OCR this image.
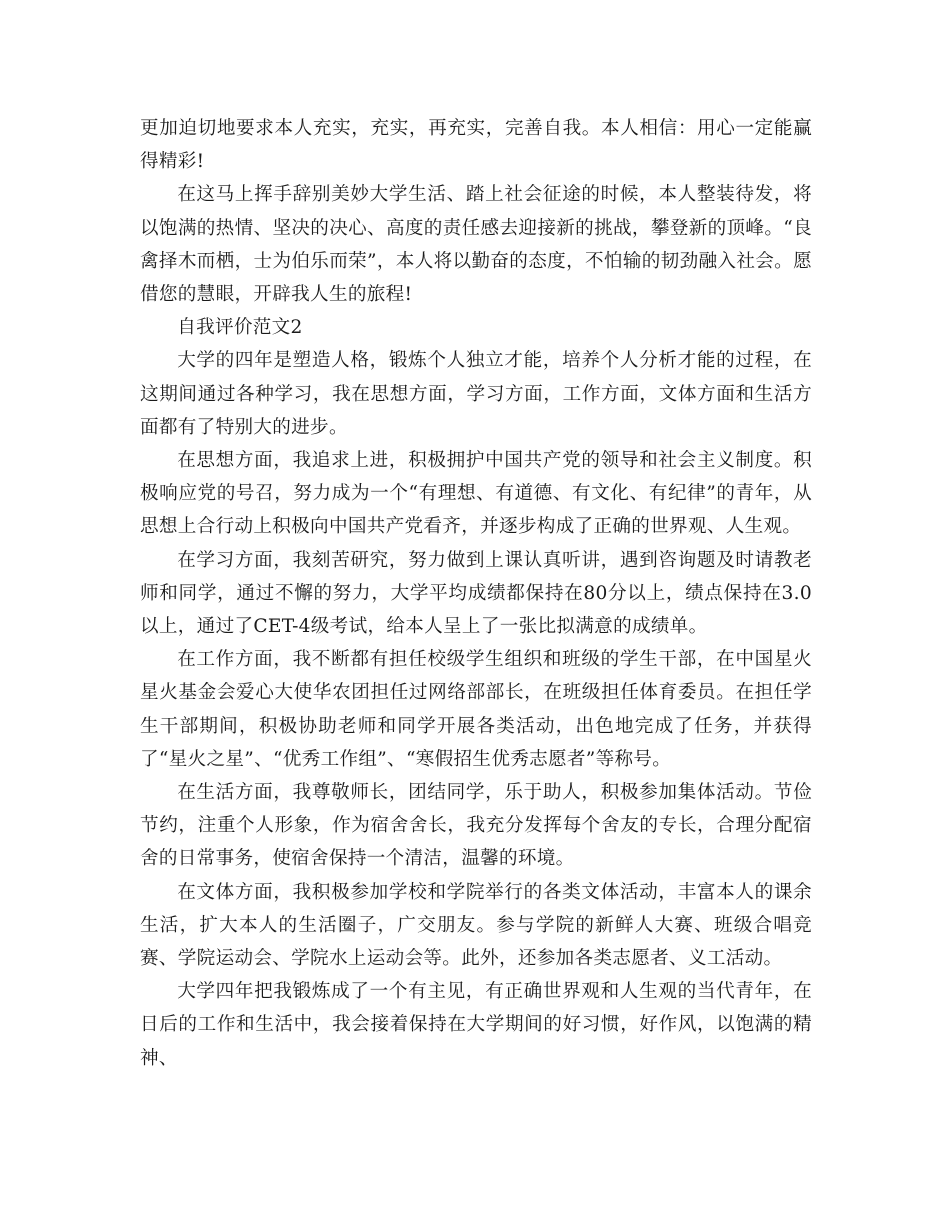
更加迫切地要求本人充实，充实，再充实，完善自我。本人相信：用心一定能赢得精彩!

在这马上挥手辞别美妙大学生活、踏上社会征途的时候，本人整装待发，将以饱满的热情、坚决的决心、高度的责任感去迎接新的挑战，攀登新的顶峰。“良禽择木而栖，士为伯乐而荣”，本人将以勤奋的态度，不怕输的韧劲融入社会。愿借您的慧眼，开辟我人生的旅程!

自我评价范文2

大学的四年是塑造人格，锻炼个人独立才能，培养个人分析才能的过程，在这期间通过各种学习，我在思想方面，学习方面，工作方面，文体方面和生活方面都有了特别大的进步。

在思想方面，我追求上进，积极拥护中国共产党的领导和社会主义制度。积极响应党的号召，努力成为一个“有理想、有道德、有文化、有纪律”的青年，从思想上合行动上积极向中国共产党看齐，并逐步构成了正确的世界观、人生观。

在学习方面，我刻苦研究，努力做到上课认真听讲，遇到咨询题及时请教老师和同学，通过不懈的努力，大学平均成绩都保持在80分以上，绩点保持在3.0以上，通过了CET-4级考试，给本人呈上了一张比拟满意的成绩单。

在工作方面，我不断都有担任校级学生组织和班级的学生干部，在中国星火星火基金会爱心大使华农团担任过网络部部长，在班级担任体育委员。在担任学生干部期间，积极协助老师和同学开展各类活动，出色地完成了任务，并获得了“星火之星”、“优秀工作组”、“寒假招生优秀志愿者”等称号。

在生活方面，我尊敬师长，团结同学，乐于助人，积极参加集体活动。节俭节约，注重个人形象，作为宿舍舍长，我充分发挥每个舍友的专长，合理分配宿舍的日常事务，使宿舍保持一个清洁，温馨的环境。

在文体方面，我积极参加学校和学院举行的各类文体活动，丰富本人的课余生活，扩大本人的生活圈子，广交朋友。参与学院的新鲜人大赛、班级合唱竞赛、学院运动会、学院水上运动会等。此外，还参加各类志愿者、义工活动。

大学四年把我锻炼成了一个有主见，有正确世界观和人生观的当代青年，在日后的工作和生活中，我会接着保持在大学期间的好习惯，好作风，以饱满的精神、
